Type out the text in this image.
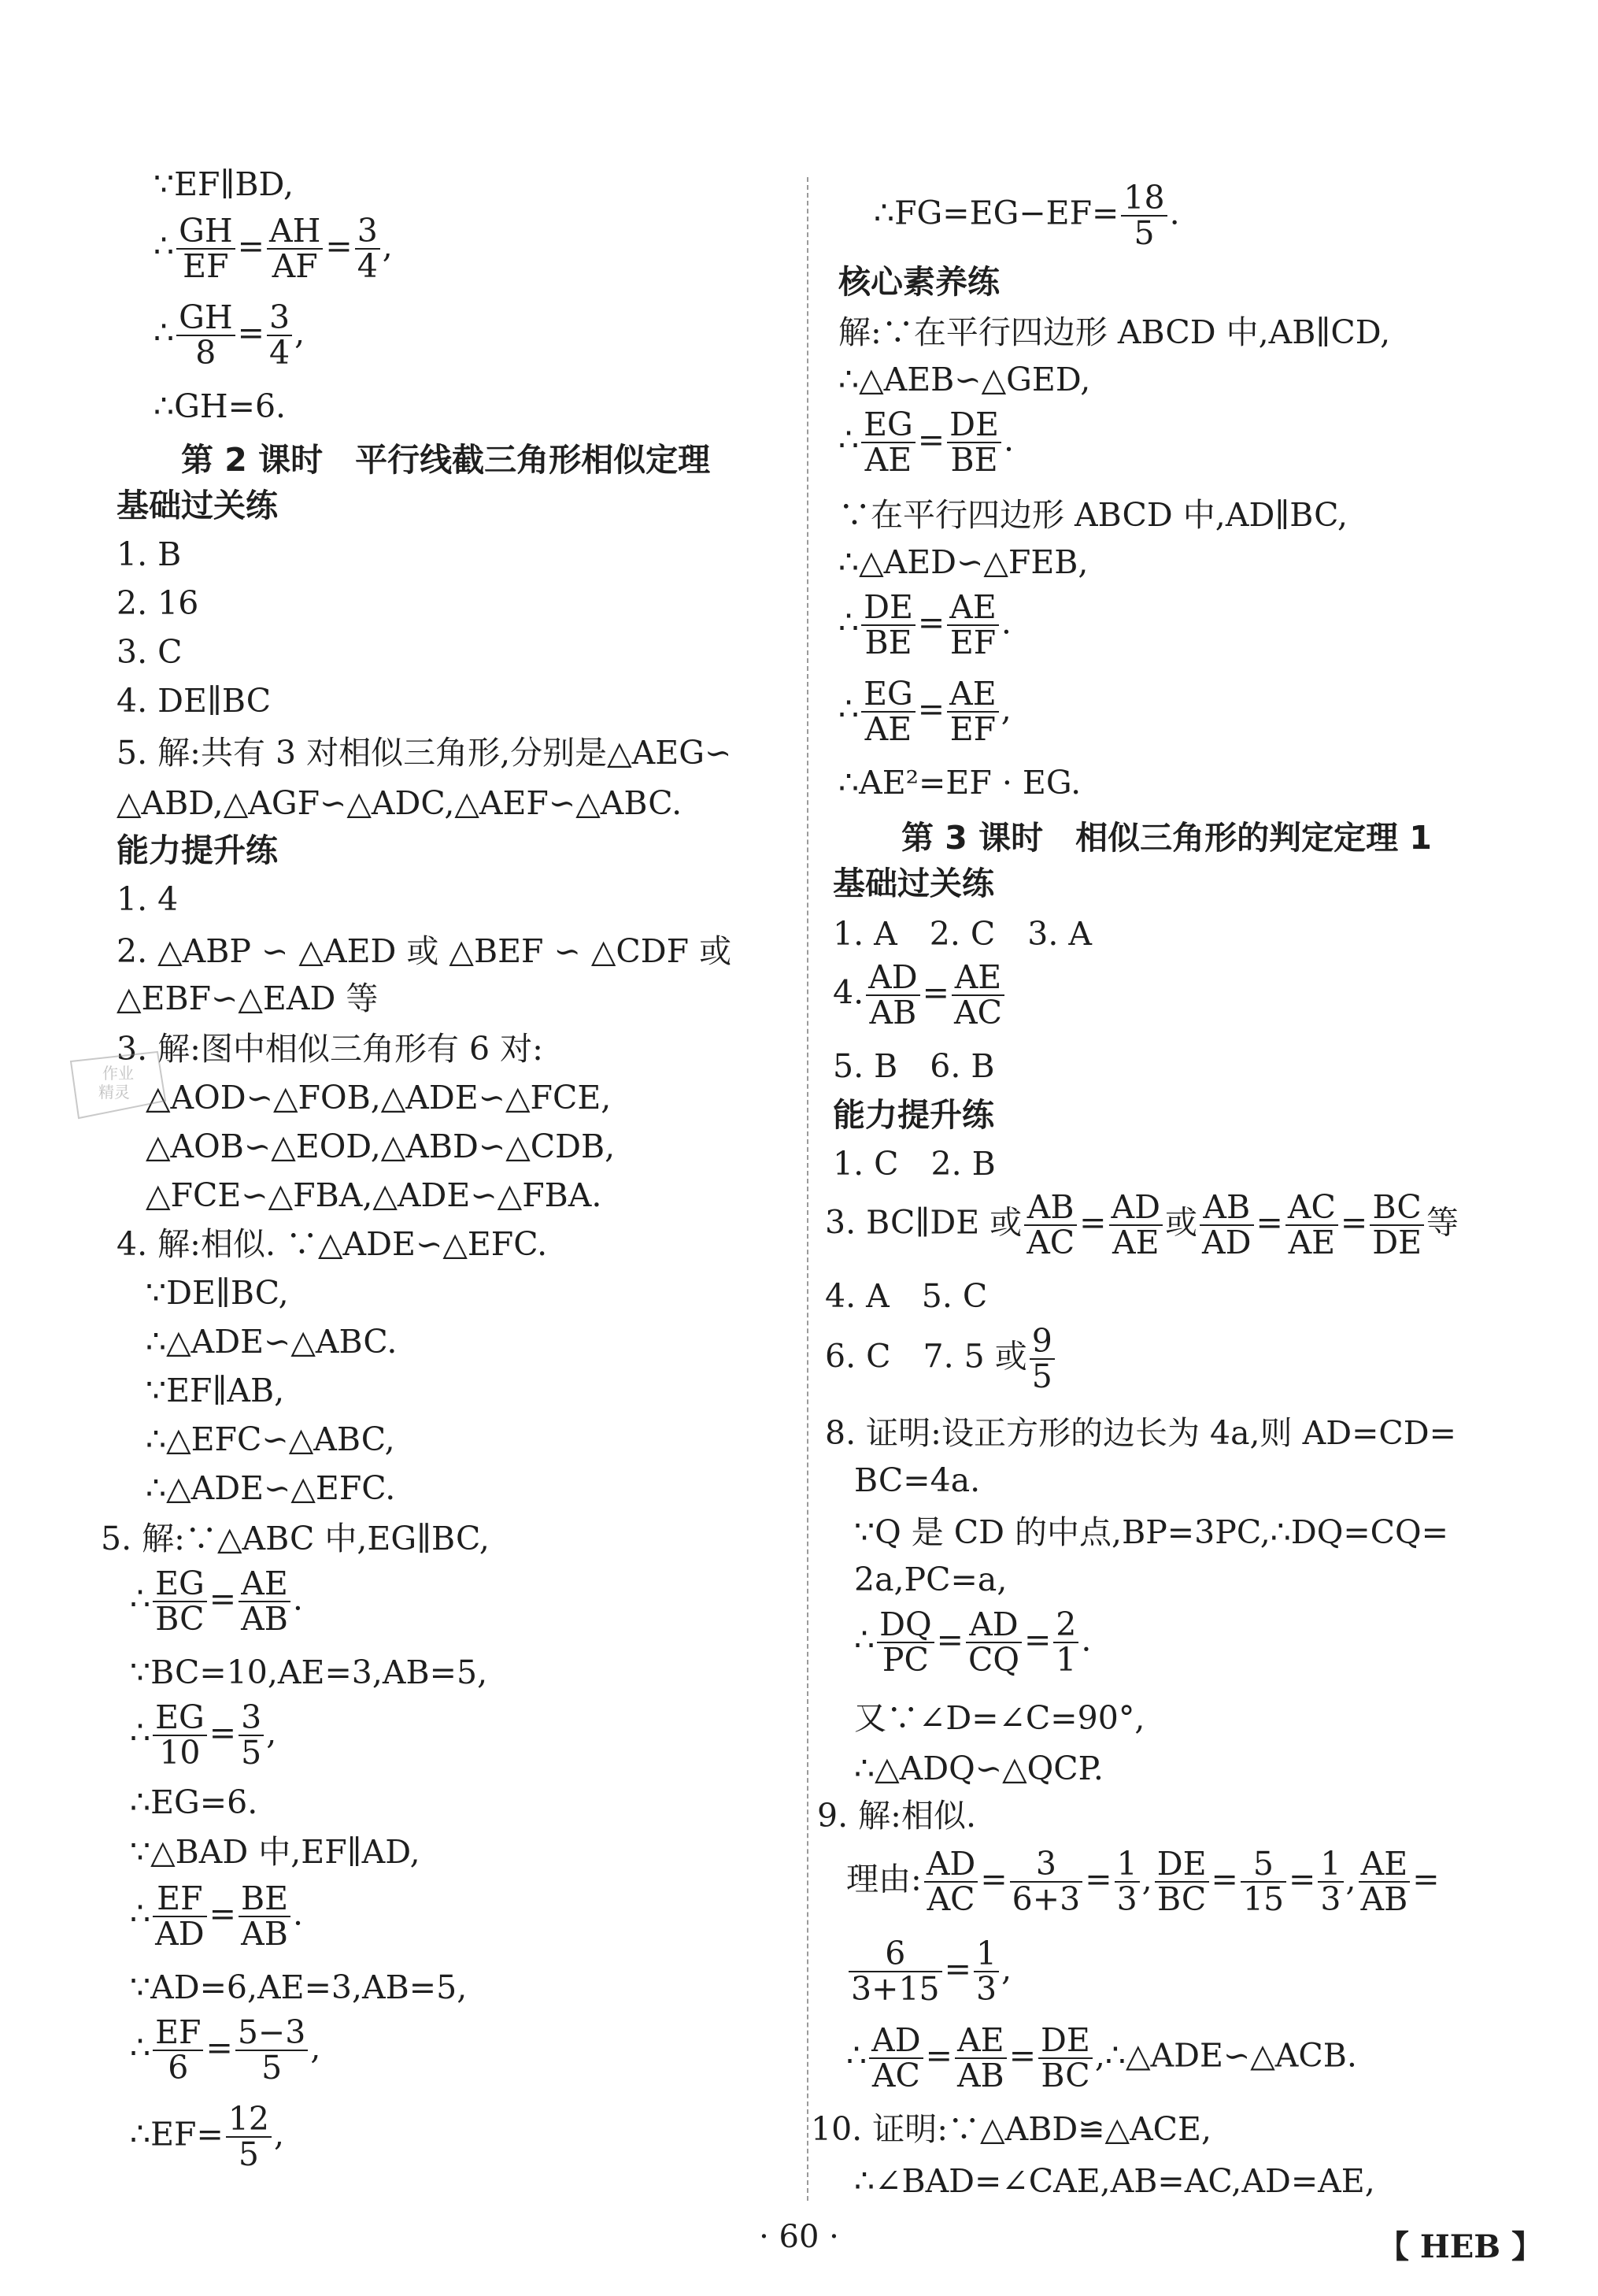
∵EF∥BD,
∴ $\frac{GH}{EF} = \frac{AH}{AF} = \frac{3}{4}$ ,
∴ $\frac{GH}{8} = \frac{3}{4}$ ,
∴GH=6.
第 2 课时　平行线截三角形相似定理
基础过关练
1. B
2. 16
3. C
4. DE∥BC
5. 解:共有 3 对相似三角形,分别是△AEG∽
△ABD,△AGF∽△ADC,△AEF∽△ABC.
能力提升练
1. 4
2. △ABP ∽ △AED 或 △BEF ∽ △CDF 或
△EBF∽△EAD 等
3. 解:图中相似三角形有 6 对:
△AOD∽△FOB,△ADE∽△FCE,
△AOB∽△EOD,△ABD∽△CDB,
△FCE∽△FBA,△ADE∽△FBA.
4. 解:相似. ∵△ADE∽△EFC.
∵DE∥BC,
∴△ADE∽△ABC.
∵EF∥AB,
∴△EFC∽△ABC,
∴△ADE∽△EFC.
5. 解:∵△ABC 中,EG∥BC,
∴ $\frac{EG}{BC} = \frac{AE}{AB}$ .
∵BC=10,AE=3,AB=5,
∴ $\frac{EG}{10} = \frac{3}{5}$ ,
∴EG=6.
∵△BAD 中,EF∥AD,
∴ $\frac{EF}{AD} = \frac{BE}{AB}$ .
∵AD=6,AE=3,AB=5,
∴ $\frac{EF}{6} = \frac{5-3}{5}$ ,
∴EF= $\frac{12}{5}$ ,
∴FG=EG−EF= $\frac{18}{5}$ .
核心素养练
解:∵在平行四边形 ABCD 中,AB∥CD,
∴△AEB∽△GED,
∴ $\frac{EG}{AE} = \frac{DE}{BE}$ .
∵在平行四边形 ABCD 中,AD∥BC,
∴△AED∽△FEB,
∴ $\frac{DE}{BE} = \frac{AE}{EF}$ .
∴ $\frac{EG}{AE} = \frac{AE}{EF}$ ,
∴AE²=EF · EG.
第 3 课时　相似三角形的判定定理 1
基础过关练
1. A　2. C　3. A
4. $\frac{AD}{AB} = \frac{AE}{AC}$
5. B　6. B
能力提升练
1. C　2. B
3. BC∥DE 或 $\frac{AB}{AC} = \frac{AD}{AE}$ 或 $\frac{AB}{AD} = \frac{AC}{AE} = \frac{BC}{DE}$ 等
4. A　5. C
6. C　7. 5 或 $\frac{9}{5}$
8. 证明:设正方形的边长为 4a,则 AD=CD=
BC=4a.
∵Q 是 CD 的中点,BP=3PC,∴DQ=CQ=
2a,PC=a,
∴ $\frac{DQ}{PC} = \frac{AD}{CQ} = \frac{2}{1}$ .
又∵∠D=∠C=90°,
∴△ADQ∽△QCP.
9. 解:相似.
理由: $\frac{AD}{AC} = \frac{3}{6+3} = \frac{1}{3}$ , $\frac{DE}{BC} = \frac{5}{15} = \frac{1}{3}$ , $\frac{AE}{AB}$ =
$\frac{6}{3+15} = \frac{1}{3}$ ,
∴ $\frac{AD}{AC} = \frac{AE}{AB} = \frac{DE}{BC}$ ,∴△ADE∽△ACB.
10. 证明:∵△ABD≌△ACE,
∴∠BAD=∠CAE,AB=AC,AD=AE,
作业
精灵
· 60 ·	【 HEB 】
